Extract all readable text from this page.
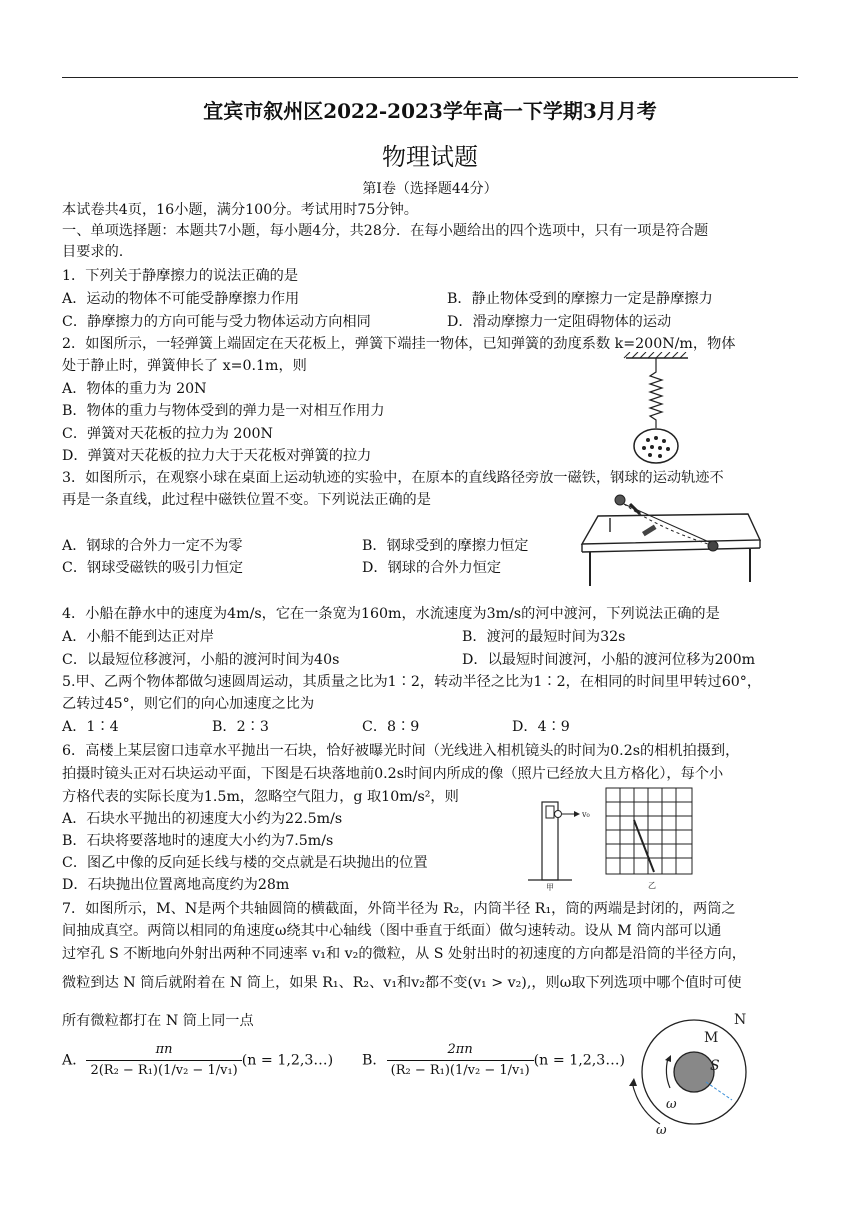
宜宾市叙州区2022-2023学年高一下学期3月月考
物理试题
第I卷（选择题44分）
本试卷共4页，16小题，满分100分。考试用时75分钟。
一、单项选择题：本题共7小题，每小题4分，共28分．在每小题给出的四个选项中，只有一项是符合题
目要求的.
1．下列关于静摩擦力的说法正确的是
A．运动的物体不可能受静摩擦力作用	B．静止物体受到的摩擦力一定是静摩擦力
C．静摩擦力的方向可能与受力物体运动方向相同	D．滑动摩擦力一定阻碍物体的运动
2．如图所示，一轻弹簧上端固定在天花板上，弹簧下端挂一物体，已知弹簧的劲度系数 k=200N/m，物体
处于静止时，弹簧伸长了 x=0.1m，则
A．物体的重力为 20N
B．物体的重力与物体受到的弹力是一对相互作用力
C．弹簧对天花板的拉力为 200N
D．弹簧对天花板的拉力大于天花板对弹簧的拉力
3．如图所示，在观察小球在桌面上运动轨迹的实验中，在原本的直线路径旁放一磁铁，钢球的运动轨迹不
再是一条直线，此过程中磁铁位置不变。下列说法正确的是
A．钢球的合外力一定不为零	B．钢球受到的摩擦力恒定
C．钢球受磁铁的吸引力恒定	D．钢球的合外力恒定
4．小船在静水中的速度为4m/s，它在一条宽为160m，水流速度为3m/s的河中渡河，下列说法正确的是
A．小船不能到达正对岸	B．渡河的最短时间为32s
C．以最短位移渡河，小船的渡河时间为40s	D．以最短时间渡河，小船的渡河位移为200m
5.甲、乙两个物体都做匀速圆周运动，其质量之比为1∶2，转动半径之比为1∶2，在相同的时间里甲转过60°，
乙转过45°，则它们的向心加速度之比为
A．1∶4	B．2∶3	C．8∶9	D．4∶9
6．高楼上某层窗口违章水平抛出一石块，恰好被曝光时间（光线进入相机镜头的时间为0.2s的相机拍摄到，
拍摄时镜头正对石块运动平面，下图是石块落地前0.2s时间内所成的像（照片已经放大且方格化），每个小
方格代表的实际长度为1.5m，忽略空气阻力，g 取10m/s²，则
A．石块水平抛出的初速度大小约为22.5m/s
B．石块将要落地时的速度大小约为7.5m/s
C．图乙中像的反向延长线与楼的交点就是石块抛出的位置
D．石块抛出位置离地高度约为28m
v₀
甲	乙
7．如图所示，M、N是两个共轴圆筒的横截面，外筒半径为 R₂，内筒半径 R₁，筒的两端是封闭的，两筒之
间抽成真空。两筒以相同的角速度ω绕其中心轴线（图中垂直于纸面）做匀速转动。设从 M 筒内部可以通
过窄孔 S 不断地向外射出两种不同速率 v₁和 v₂的微粒，从 S 处射出时的初速度的方向都是沿筒的半径方向，
微粒到达 N 筒后就附着在 N 筒上，如果 R₁、R₂、v₁和v₂都不变(v₁ > v₂),，则ω取下列选项中哪个值时可使
所有微粒都打在 N 筒上同一点
A． $\frac{\pi n}{\text{2(R₂ − R₁)(1/v₂ − 1/v₁)}} (n$ = 1,2,3…) B． $\frac{2\pi n}{\text{(R₂ − R₁)(1/v₂ − 1/v₁)}} (n$ = 1,2,3…)
N
M
S
ω
ω
